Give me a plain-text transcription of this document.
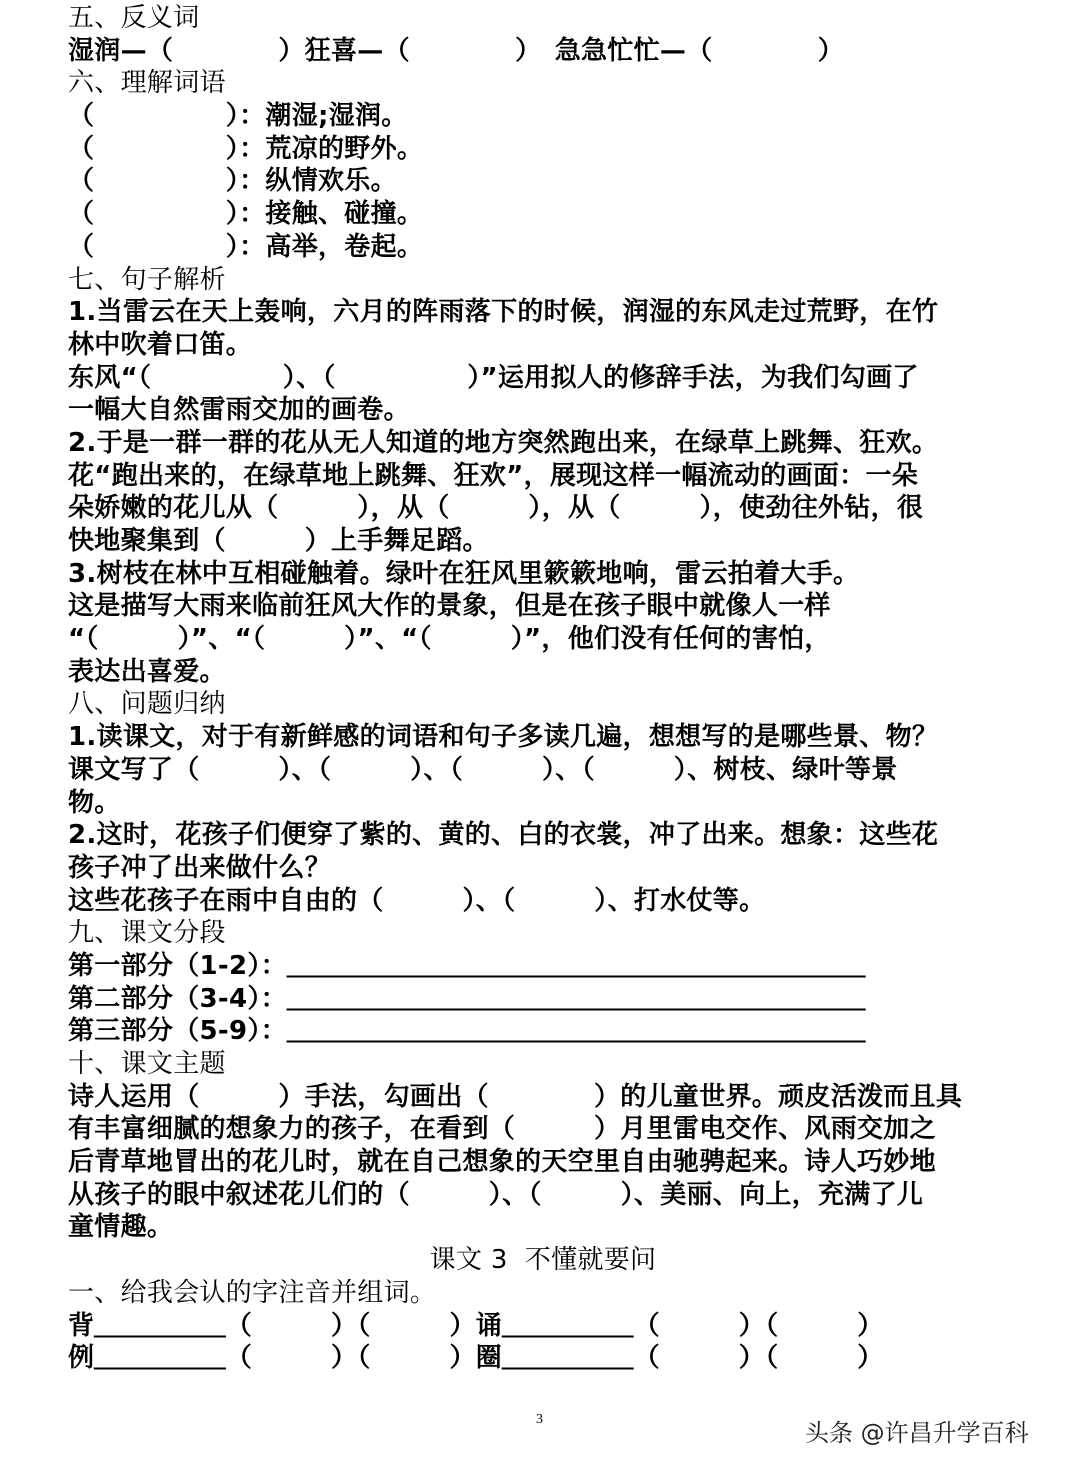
五、反义词
湿润—（　　　　）狂喜—（　　　　）　急急忙忙—（　　　　）
六、理解词语
（　　　　　）：潮湿;湿润。
（　　　　　）：荒凉的野外。
（　　　　　）：纵情欢乐。
（　　　　　）：接触、碰撞。
（　　　　　）：高举，卷起。
七、句子解析
1.当雷云在天上轰响，六月的阵雨落下的时候，润湿的东风走过荒野，在竹
林中吹着口笛。
东风“（　　　　　）、（　　　　　）”运用拟人的修辞手法，为我们勾画了
一幅大自然雷雨交加的画卷。
2.于是一群一群的花从无人知道的地方突然跑出来，在绿草上跳舞、狂欢。
花“跑出来的，在绿草地上跳舞、狂欢”，展现这样一幅流动的画面：一朵
朵娇嫩的花儿从（　　　），从（　　　），从（　　　），使劲往外钻，很
快地聚集到（　　　）上手舞足蹈。
3.树枝在林中互相碰触着。绿叶在狂风里簌簌地响，雷云拍着大手。
这是描写大雨来临前狂风大作的景象，但是在孩子眼中就像人一样
“（　　　）”、“（　　　）”、“（　　　）”，他们没有任何的害怕，
表达出喜爱。
八、问题归纳
1.读课文，对于有新鲜感的词语和句子多读几遍，想想写的是哪些景、物？
课文写了（　　　）、（　　　）、（　　　）、（　　　）、树枝、绿叶等景
物。
2.这时，花孩子们便穿了紫的、黄的、白的衣裳，冲了出来。想象：这些花
孩子冲了出来做什么？
这些花孩子在雨中自由的（　　　）、（　　　）、打水仗等。
九、课文分段
第一部分（1-2）：＿＿＿＿＿＿＿＿＿＿＿＿＿＿＿＿＿＿＿＿＿＿
第二部分（3-4）：＿＿＿＿＿＿＿＿＿＿＿＿＿＿＿＿＿＿＿＿＿＿
第三部分（5-9）：＿＿＿＿＿＿＿＿＿＿＿＿＿＿＿＿＿＿＿＿＿＿
十、课文主题
诗人运用（　　　）手法，勾画出（　　　　）的儿童世界。顽皮活泼而且具
有丰富细腻的想象力的孩子，在看到（　　　）月里雷电交作、风雨交加之
后青草地冒出的花儿时，就在自己想象的天空里自由驰骋起来。诗人巧妙地
从孩子的眼中叙述花儿们的（　　　）、（　　　）、美丽、向上，充满了儿
童情趣。
课文 3  不懂就要问
一、给我会认的字注音并组词。
背＿＿＿＿＿（　　　）（　　　）诵＿＿＿＿＿（　　　）（　　　）
例＿＿＿＿＿（　　　）（　　　）圈＿＿＿＿＿（　　　）（　　　）
3	头条 @许昌升学百科
